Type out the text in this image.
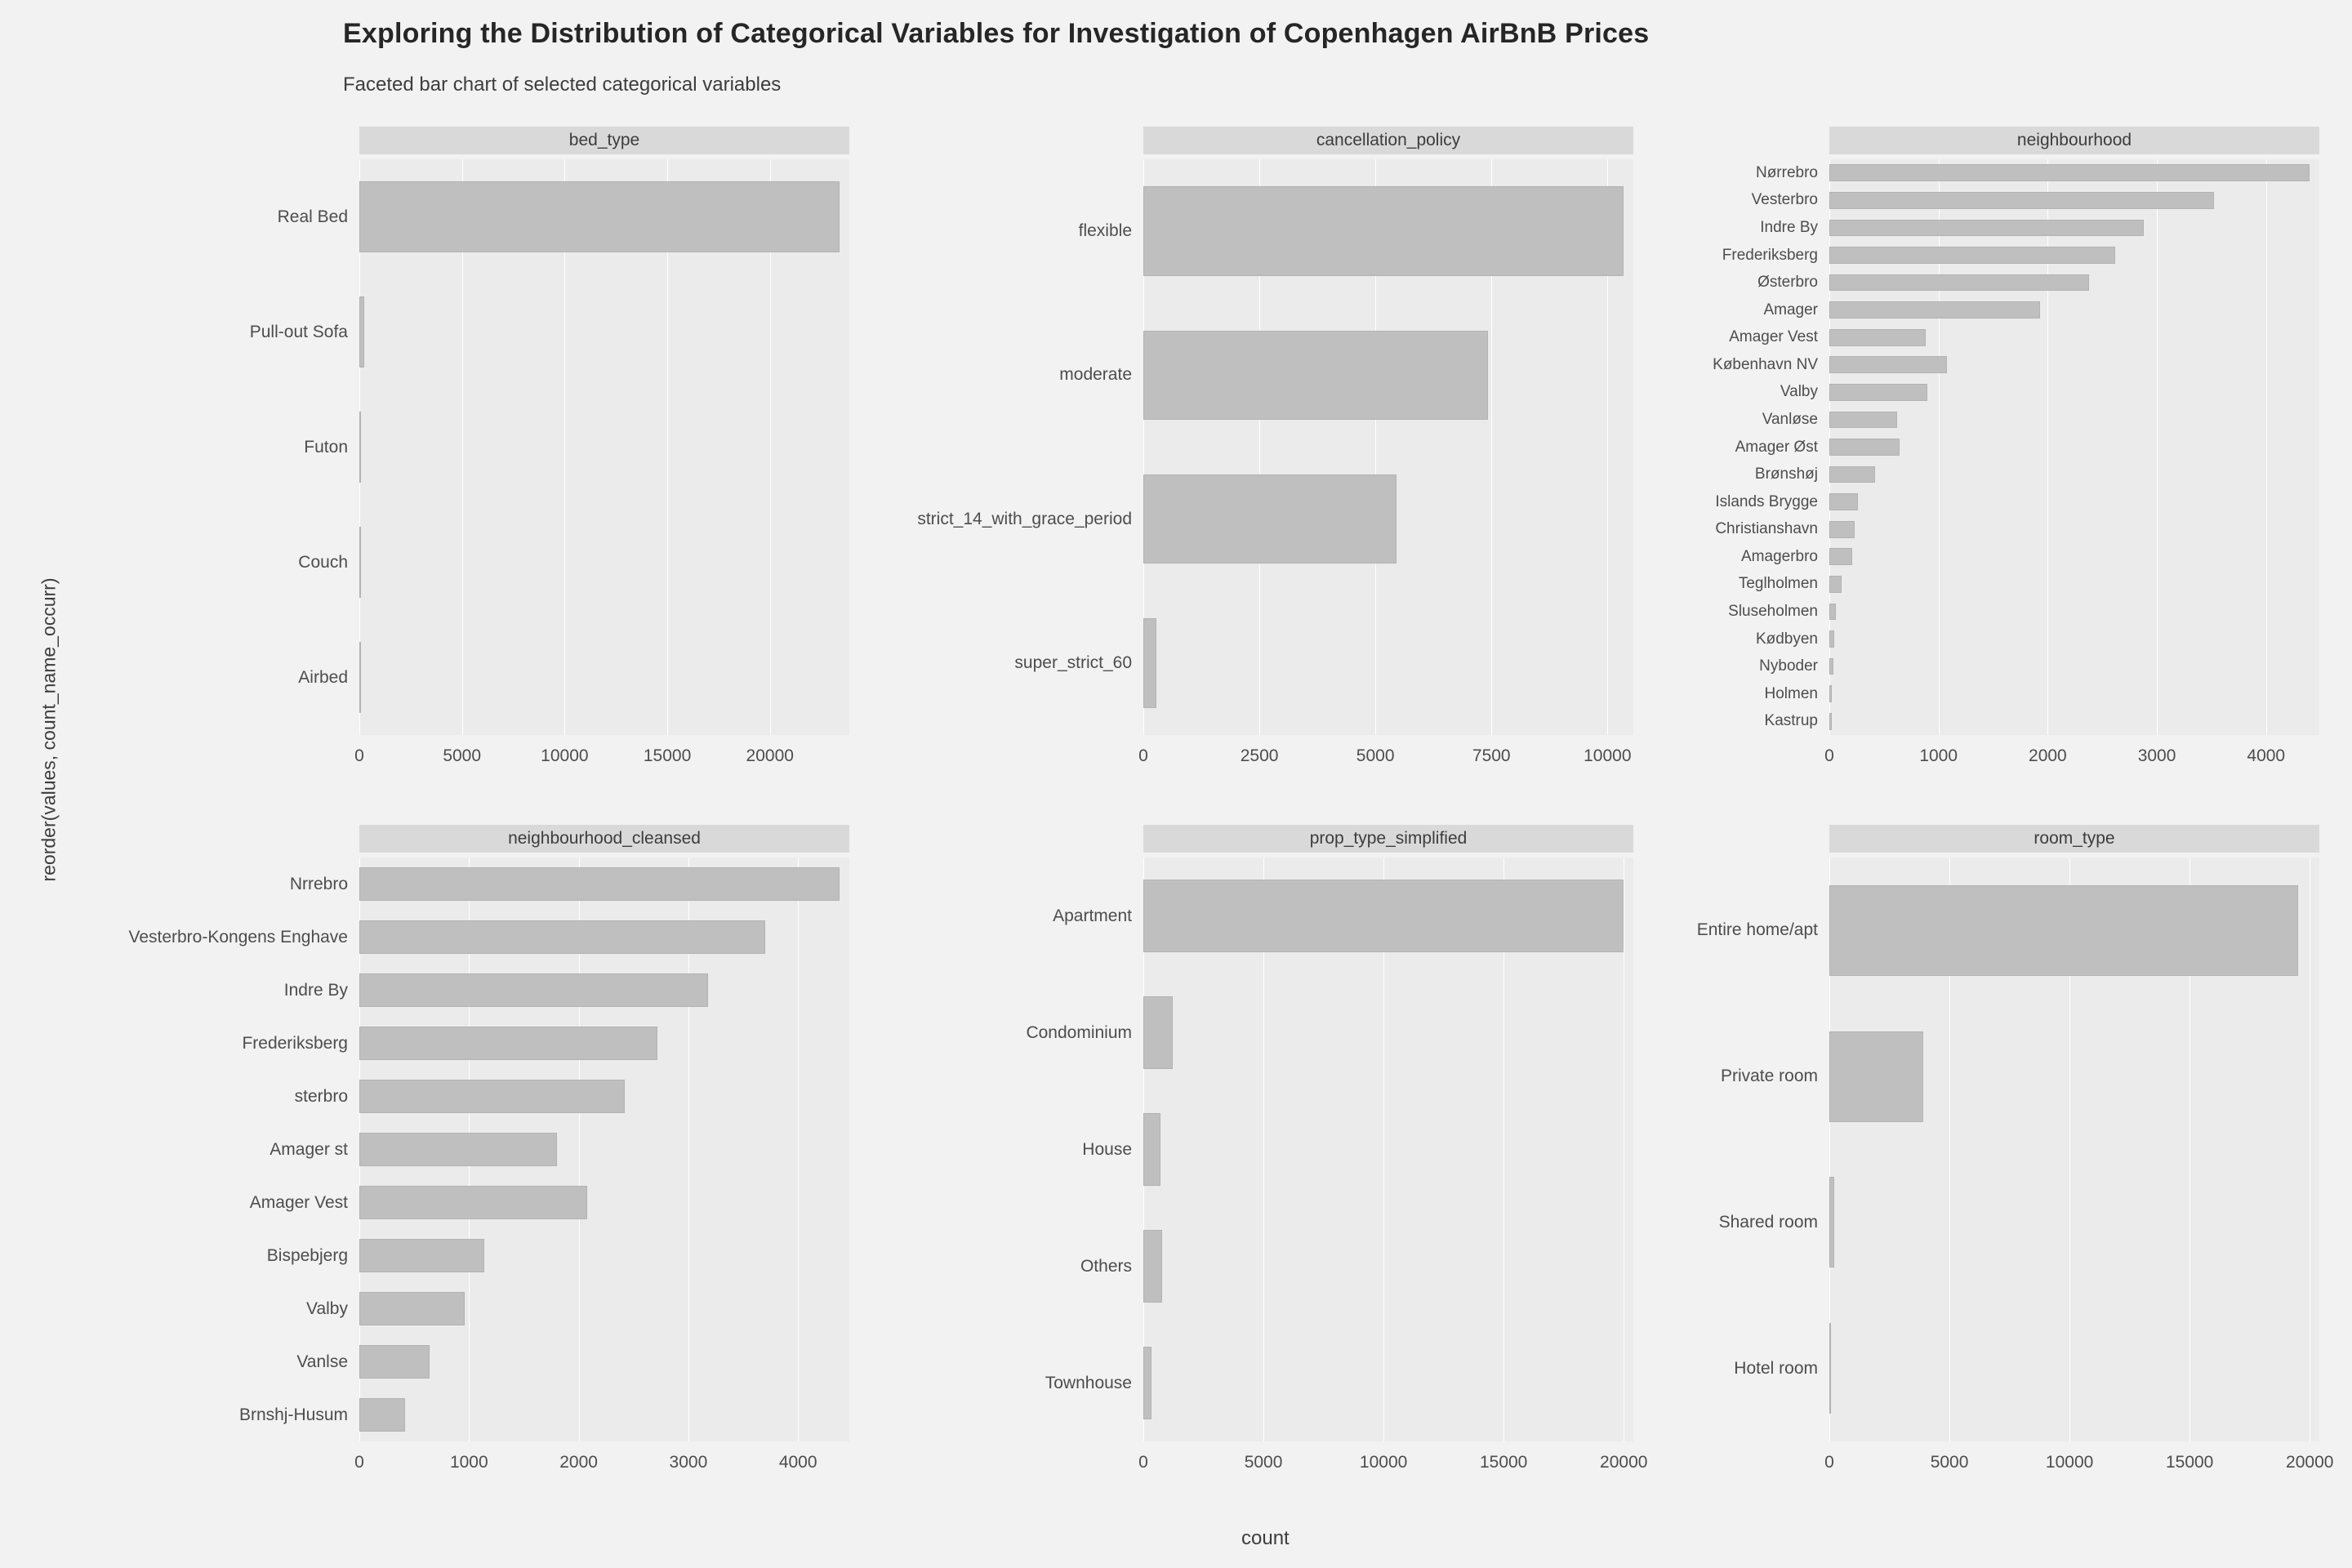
Exploring the Distribution of Categorical Variables for Investigation of Copenhagen AirBnB Prices
Faceted bar chart of selected categorical variables
reorder(values, count_name_occurr)
count
bed_type
Real Bed
Pull-out Sofa
Futon
Couch
Airbed
0	5000	10000	15000	20000
cancellation_policy
flexible
moderate
strict_14_with_grace_period
super_strict_60
0	2500	5000	7500	10000
neighbourhood
Nørrebro
Vesterbro
Indre By
Frederiksberg
Østerbro
Amager
Amager Vest
København NV
Valby
Vanløse
Amager Øst
Brønshøj
Islands Brygge
Christianshavn
Amagerbro
Teglholmen
Sluseholmen
Kødbyen
Nyboder
Holmen
Kastrup
0	1000	2000	3000	4000
neighbourhood_cleansed
Nrrebro
Vesterbro-Kongens Enghave
Indre By
Frederiksberg
sterbro
Amager st
Amager Vest
Bispebjerg
Valby
Vanlse
Brnshj-Husum
0	1000	2000	3000	4000
prop_type_simplified
Apartment
Condominium
House
Others
Townhouse
0	5000	10000	15000	20000
room_type
Entire home/apt
Private room
Shared room
Hotel room
0	5000	10000	15000	20000
